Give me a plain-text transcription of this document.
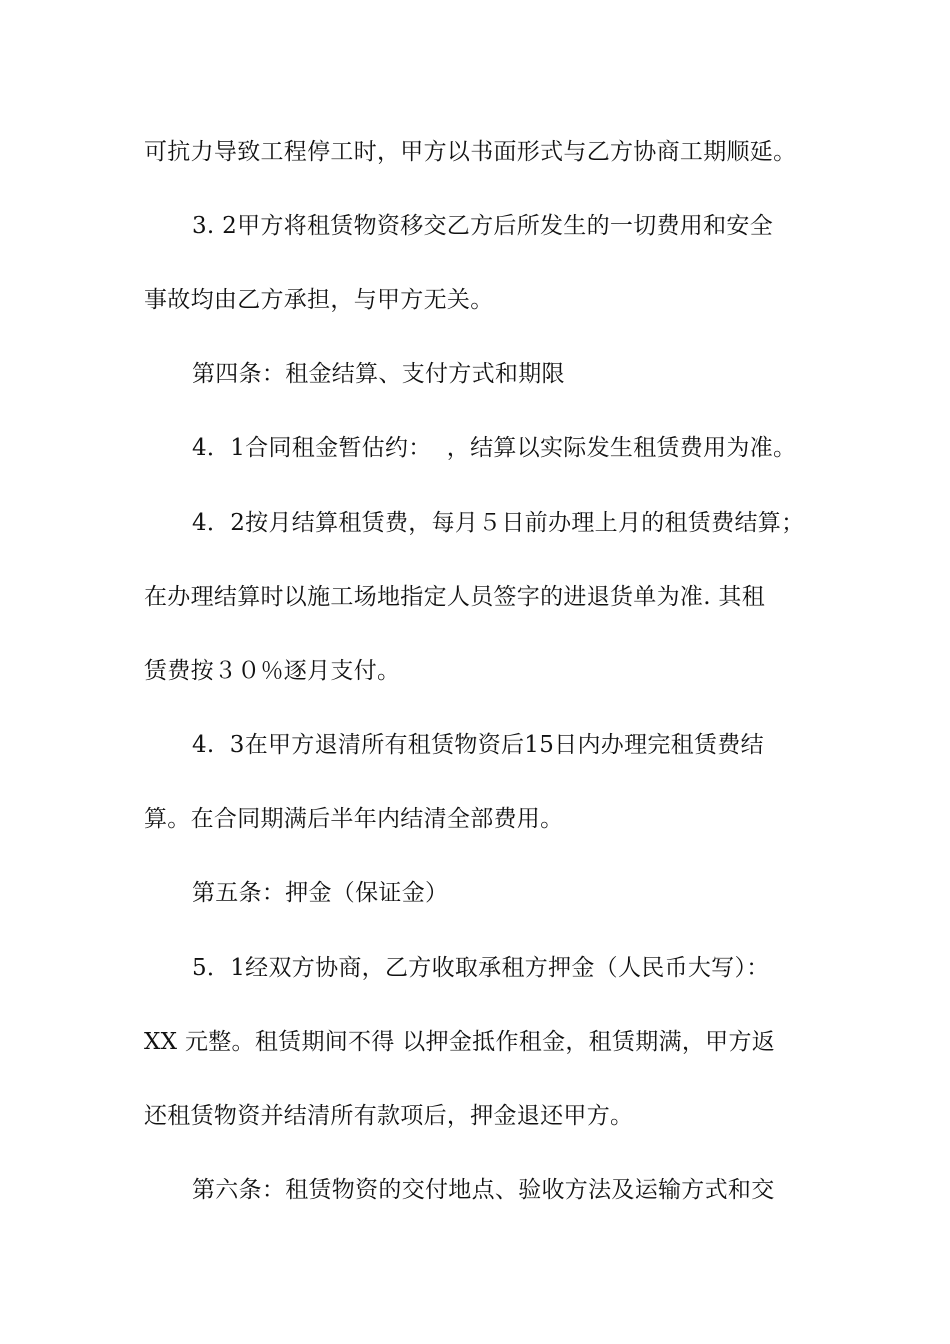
可抗力导致工程停工时，甲方以书面形式与乙方协商工期顺延。
3. 2甲方将租赁物资移交乙方后所发生的一切费用和安全
事故均由乙方承担，与甲方无关。
第四条：租金结算、支付方式和期限
4．1合同租金暂估约：  ，结算以实际发生租赁费用为准。
4．2按月结算租赁费，每月５日前办理上月的租赁费结算；
在办理结算时以施工场地指定人员签字的进退货单为准. 其租
赁费按３０％逐月支付。
4.  3在甲方退清所有租赁物资后15日内办理完租赁费结
算。在合同期满后半年内结清全部费用。
第五条：押金（保证金）
5．1经双方协商，乙方收取承租方押金（人民币大写）：
XX 元整。租赁期间不得 以押金抵作租金，租赁期满，甲方返
还租赁物资并结清所有款项后，押金退还甲方。
第六条：租赁物资的交付地点、验收方法及运输方式和交
